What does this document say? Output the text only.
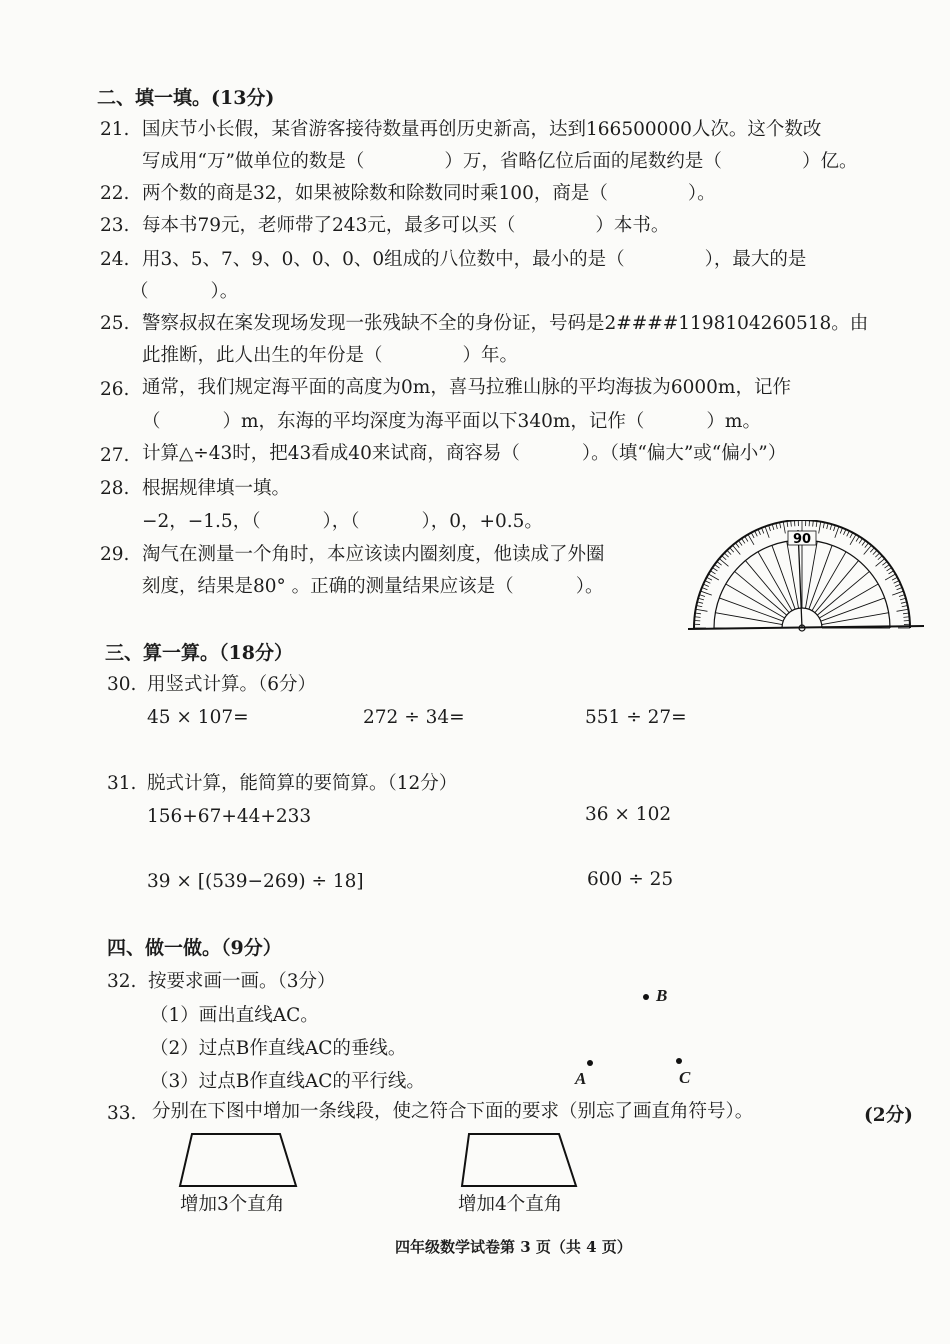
二、填一填。(13分)
21. 国庆节小长假，某省游客接待数量再创历史新高，达到166500000人次。这个数改
写成用“万”做单位的数是（	）万，省略亿位后面的尾数约是（	）亿。
22. 两个数的商是32，如果被除数和除数同时乘100，商是（	）。
23. 每本书79元，老师带了243元，最多可以买（	）本书。
24. 用3、5、7、9、0、0、0、0组成的八位数中，最小的是（	），最大的是
（	）。
25. 警察叔叔在案发现场发现一张残缺不全的身份证，号码是2####1198104260518。由
此推断，此人出生的年份是（	）年。
26. 通常，我们规定海平面的高度为0m，喜马拉雅山脉的平均海拔为6000m，记作
（	）m，东海的平均深度为海平面以下340m，记作（	）m。
27. 计算△÷43时，把43看成40来试商，商容易（	）。（填“偏大”或“偏小”）
28. 根据规律填一填。
−2，−1.5，（	），（	），0，+0.5。
29. 淘气在测量一个角时，本应该读内圈刻度，他读成了外圈
刻度，结果是80° 。正确的测量结果应该是（	）。
90
三、算一算。（18分）
30. 用竖式计算。（6分）
45 × 107=	272 ÷ 34=	551 ÷ 27=
31. 脱式计算，能简算的要简算。（12分）
156+67+44+233	36 × 102
39 × [(539−269) ÷ 18]	600 ÷ 25
四、做一做。（9分）
32. 按要求画一画。（3分）
（1）画出直线AC。
（2）过点B作直线AC的垂线。
（3）过点B作直线AC的平行线。
B
A	C
33. 分别在下图中增加一条线段，使之符合下面的要求（别忘了画直角符号）。	(2分)
增加3个直角	增加4个直角
四年级数学试卷第 3 页（共 4 页）
